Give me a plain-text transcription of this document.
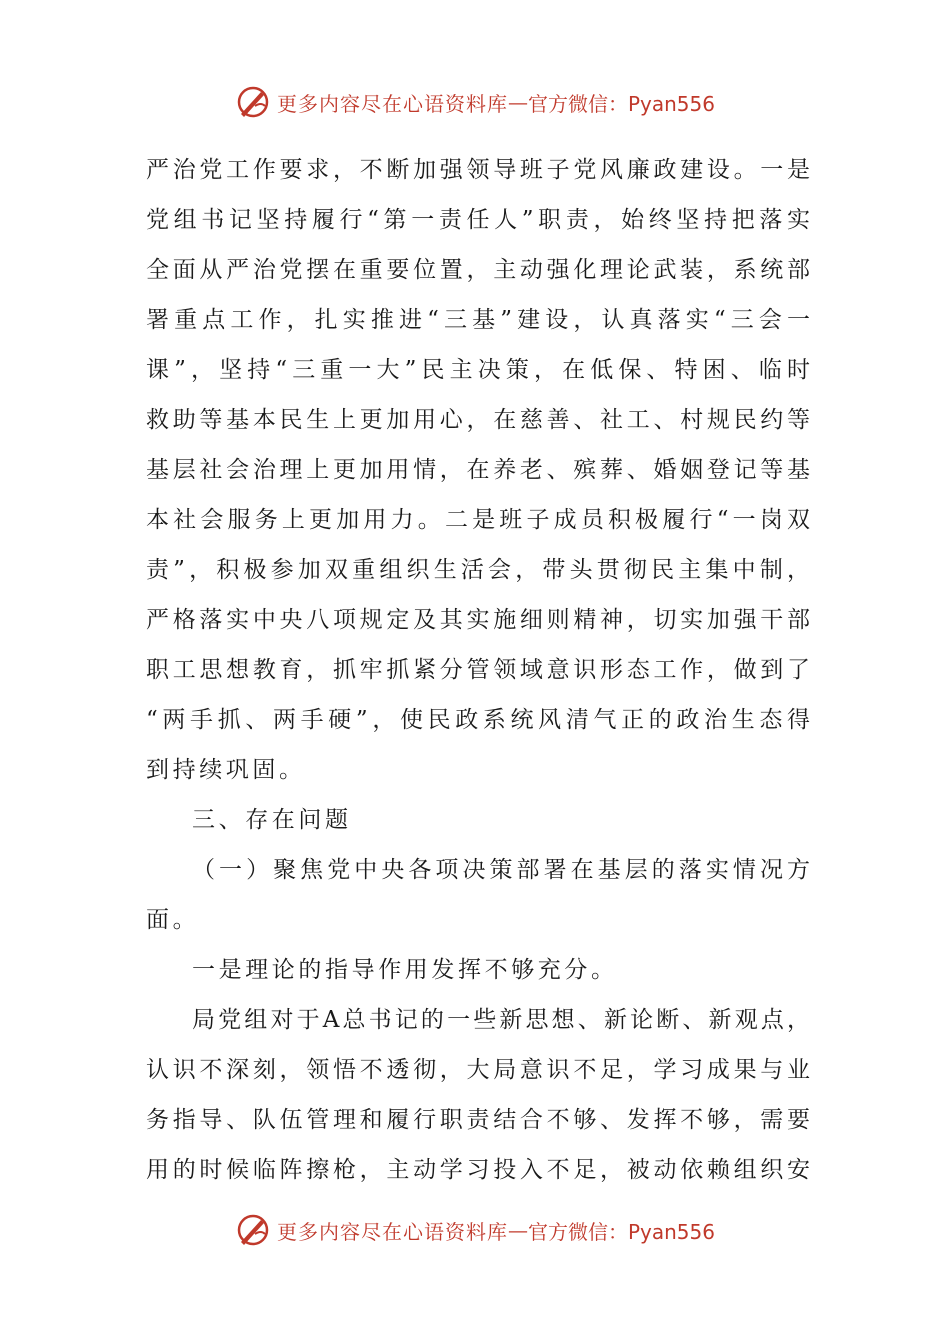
更多内容尽在心语资料库 — 官方微信：Pyan556
严治党工作要求，不断加强领导班子党风廉政建设。一是
党组书记坚持履行“第一责任人”职责，始终坚持把落实
全面从严治党摆在重要位置，主动强化理论武装，系统部
署重点工作，扎实推进“三基”建设，认真落实“三会一
课”，坚持“三重一大”民主决策，在低保、特困、临时
救助等基本民生上更加用心，在慈善、社工、村规民约等
基层社会治理上更加用情，在养老、殡葬、婚姻登记等基
本社会服务上更加用力。二是班子成员积极履行“一岗双
责”，积极参加双重组织生活会，带头贯彻民主集中制，
严格落实中央八项规定及其实施细则精神，切实加强干部
职工思想教育，抓牢抓紧分管领域意识形态工作，做到了
“两手抓、两手硬”，使民政系统风清气正的政治生态得
到持续巩固。
三、存在问题
（一）聚焦党中央各项决策部署在基层的落实情况方
面。
一是理论的指导作用发挥不够充分。
局党组对于A总书记的一些新思想、新论断、新观点，
认识不深刻，领悟不透彻，大局意识不足，学习成果与业
务指导、队伍管理和履行职责结合不够、发挥不够，需要
用的时候临阵擦枪，主动学习投入不足，被动依赖组织安
更多内容尽在心语资料库 — 官方微信：Pyan556
